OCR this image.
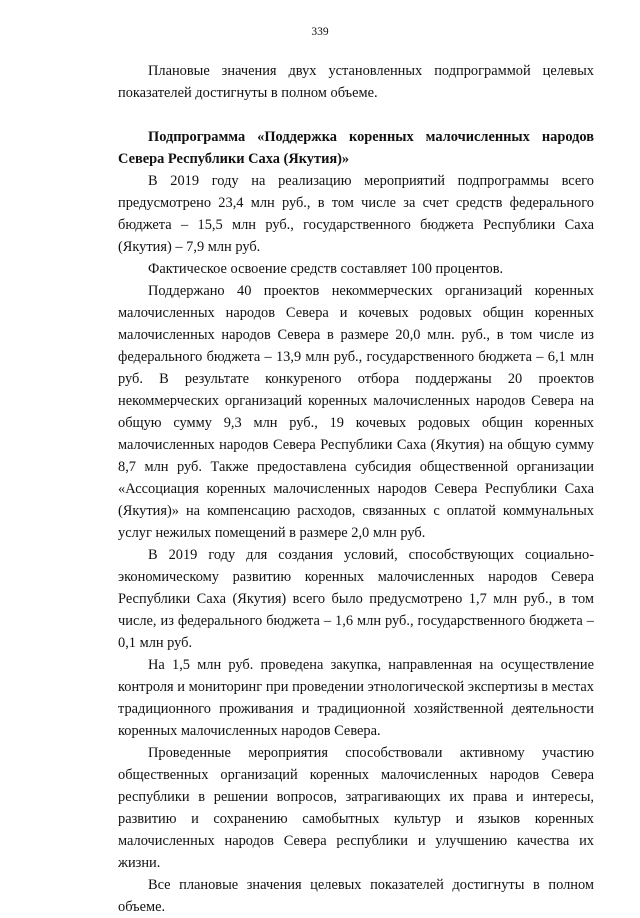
339

Плановые значения двух установленных подпрограммой целевых показателей достигнуты в полном объеме.

Подпрограмма «Поддержка коренных малочисленных народов Севера Республики Саха (Якутия)»

В 2019 году на реализацию мероприятий подпрограммы всего предусмотрено 23,4 млн руб., в том числе за счет средств федерального бюджета – 15,5 млн руб., государственного бюджета Республики Саха (Якутия) – 7,9 млн руб.

Фактическое освоение средств составляет 100 процентов.

Поддержано 40 проектов некоммерческих организаций коренных малочисленных народов Севера и кочевых родовых общин коренных малочисленных народов Севера в размере 20,0 млн. руб., в том числе из федерального бюджета – 13,9 млн руб., государственного бюджета – 6,1 млн руб. В результате конкуреного отбора поддержаны 20 проектов некоммерческих организаций коренных малочисленных народов Севера на общую сумму 9,3 млн руб., 19 кочевых родовых общин коренных малочисленных народов Севера Республики Саха (Якутия) на общую сумму 8,7 млн руб. Также предоставлена субсидия общественной организации «Ассоциация коренных малочисленных народов Севера Республики Саха (Якутия)» на компенсацию расходов, связанных с оплатой коммунальных услуг нежилых помещений в размере 2,0 млн руб.

В 2019 году для создания условий, способствующих социально-экономическому развитию коренных малочисленных народов Севера Республики Саха (Якутия) всего было предусмотрено 1,7 млн руб., в том числе, из федерального бюджета – 1,6 млн руб., государственного бюджета – 0,1 млн руб.

На 1,5 млн руб. проведена закупка, направленная на осуществление контроля и мониторинг при проведении этнологической экспертизы в местах традиционного проживания и традиционной хозяйственной деятельности коренных малочисленных народов Севера.

Проведенные мероприятия способствовали активному участию общественных организаций коренных малочисленных народов Севера республики в решении вопросов, затрагивающих их права и интересы, развитию и сохранению самобытных культур и языков коренных малочисленных народов Севера республики и улучшению качества их жизни.

Все плановые значения целевых показателей достигнуты в полном объеме.
